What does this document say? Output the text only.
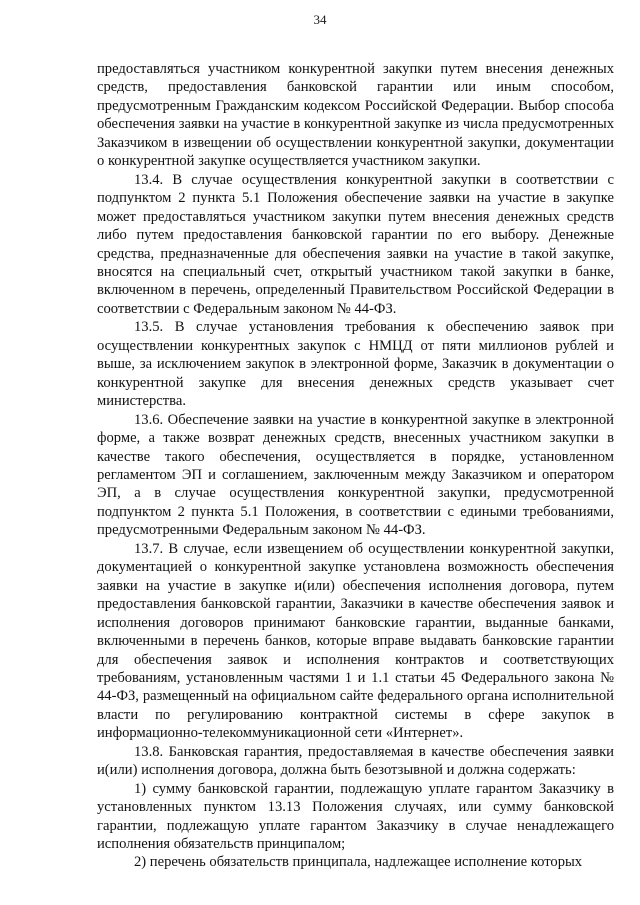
34

предоставляться участником конкурентной закупки путем внесения денежных средств, предоставления банковской гарантии или иным способом, предусмотренным Гражданским кодексом Российской Федерации. Выбор способа обеспечения заявки на участие в конкурентной закупке из числа предусмотренных Заказчиком в извещении об осуществлении конкурентной закупки, документации о конкурентной закупке осуществляется участником закупки.

13.4. В случае осуществления конкурентной закупки в соответствии с подпунктом 2 пункта 5.1 Положения обеспечение заявки на участие в закупке может предоставляться участником закупки путем внесения денежных средств либо путем предоставления банковской гарантии по его выбору. Денежные средства, предназначенные для обеспечения заявки на участие в такой закупке, вносятся на специальный счет, открытый участником такой закупки в банке, включенном в перечень, определенный Правительством Российской Федерации в соответствии с Федеральным законом № 44-ФЗ.

13.5. В случае установления требования к обеспечению заявок при осуществлении конкурентных закупок с НМЦД от пяти миллионов рублей и выше, за исключением закупок в электронной форме, Заказчик в документации о конкурентной закупке для внесения денежных средств указывает счет министерства.

13.6. Обеспечение заявки на участие в конкурентной закупке в электронной форме, а также возврат денежных средств, внесенных участником закупки в качестве такого обеспечения, осуществляется в порядке, установленном регламентом ЭП и соглашением, заключенным между Заказчиком и оператором ЭП, а в случае осуществления конкурентной закупки, предусмотренной подпунктом 2 пункта 5.1 Положения, в соответствии с едиными требованиями, предусмотренными Федеральным законом № 44-ФЗ.

13.7. В случае, если извещением об осуществлении конкурентной закупки, документацией о конкурентной закупке установлена возможность обеспечения заявки на участие в закупке и(или) обеспечения исполнения договора, путем предоставления банковской гарантии, Заказчики в качестве обеспечения заявок и исполнения договоров принимают банковские гарантии, выданные банками, включенными в перечень банков, которые вправе выдавать банковские гарантии для обеспечения заявок и исполнения контрактов и соответствующих требованиям, установленным частями 1 и 1.1 статьи 45 Федерального закона № 44-ФЗ, размещенный на официальном сайте федерального органа исполнительной власти по регулированию контрактной системы в сфере закупок в информационно-телекоммуникационной сети «Интернет».

13.8. Банковская гарантия, предоставляемая в качестве обеспечения заявки и(или) исполнения договора, должна быть безотзывной и должна содержать:

1) сумму банковской гарантии, подлежащую уплате гарантом Заказчику в установленных пунктом 13.13 Положения случаях, или сумму банковской гарантии, подлежащую уплате гарантом Заказчику в случае ненадлежащего исполнения обязательств принципалом;

2) перечень обязательств принципала, надлежащее исполнение которых
